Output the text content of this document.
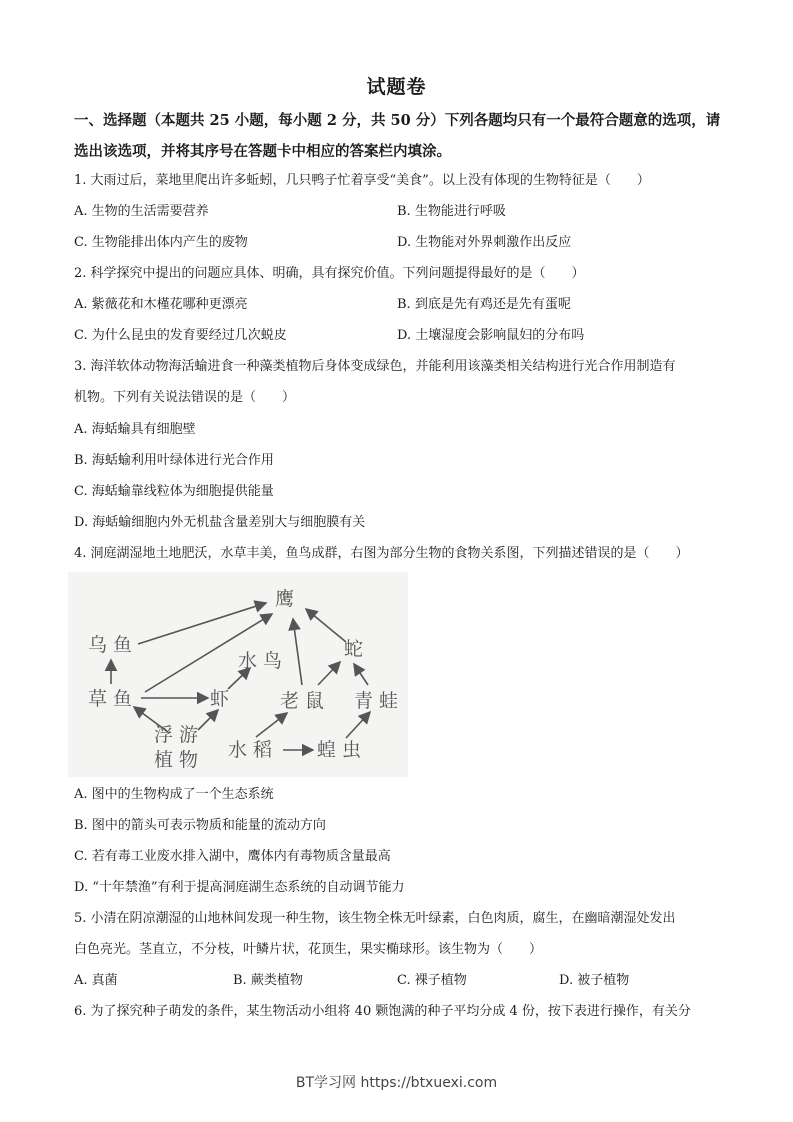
试题卷
一、选择题（本题共 25 小题，每小题 2 分，共 50 分）下列各题均只有一个最符合题意的选项，请选出该选项，并将其序号在答题卡中相应的答案栏内填涂。
1. 大雨过后，菜地里爬出许多蚯蚓，几只鸭子忙着享受“美食”。以上没有体现的生物特征是（　　）
A. 生物的生活需要营养	B. 生物能进行呼吸
C. 生物能排出体内产生的废物	D. 生物能对外界刺激作出反应
2. 科学探究中提出的问题应具体、明确，具有探究价值。下列问题提得最好的是（　　）
A. 紫薇花和木槿花哪种更漂亮	B. 到底是先有鸡还是先有蛋呢
C. 为什么昆虫的发育要经过几次蜕皮	D. 土壤湿度会影响鼠妇的分布吗
3. 海洋软体动物海活蝓进食一种藻类植物后身体变成绿色，并能利用该藻类相关结构进行光合作用制造有
机物。下列有关说法错误的是（　　）
A. 海蛞蝓具有细胞壁
B. 海蛞蝓利用叶绿体进行光合作用
C. 海蛞蝓靠线粒体为细胞提供能量
D. 海蛞蝓细胞内外无机盐含量差别大与细胞膜有关
4. 洞庭湖湿地土地肥沃，水草丰美，鱼鸟成群，右图为部分生物的食物关系图，下列描述错误的是（　　）
鹰
乌鱼
水鸟
蛇
草鱼	虾 老鼠 青蛙
浮游
植物 水稻 蝗虫
A. 图中的生物构成了一个生态系统
B. 图中的箭头可表示物质和能量的流动方向
C. 若有毒工业废水排入湖中，鹰体内有毒物质含量最高
D. “十年禁渔”有利于提高洞庭湖生态系统的自动调节能力
5. 小清在阴凉潮湿的山地林间发现一种生物，该生物全株无叶绿素，白色肉质，腐生，在幽暗潮湿处发出
白色亮光。茎直立，不分枝，叶鳞片状，花顶生，果实椭球形。该生物为（　　）
A. 真菌	B. 蕨类植物	C. 裸子植物	D. 被子植物
6. 为了探究种子萌发的条件，某生物活动小组将 40 颗饱满的种子平均分成 4 份，按下表进行操作，有关分
BT学习网 https://btxuexi.com
